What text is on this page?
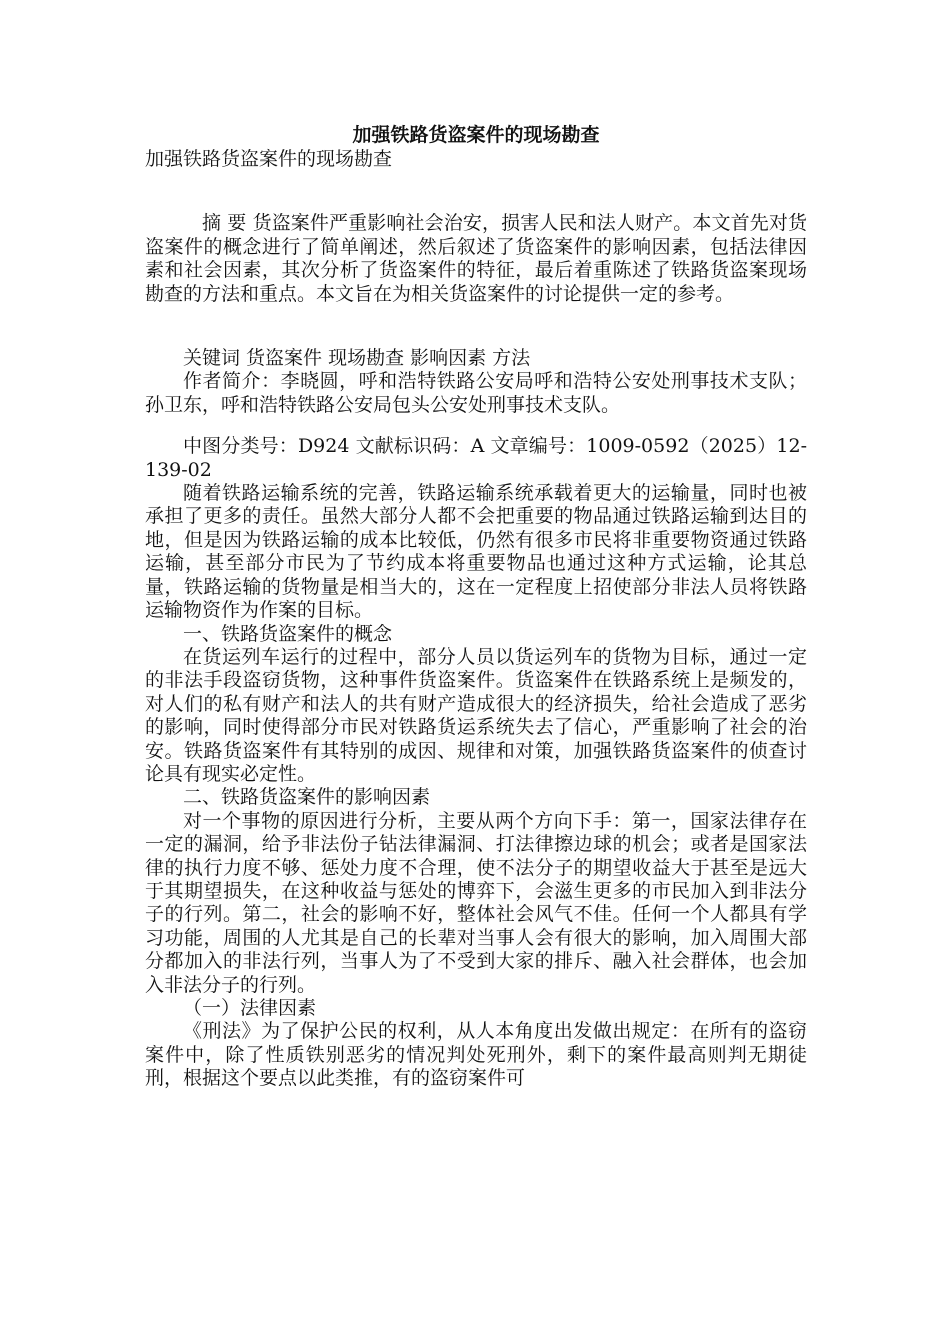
加强铁路货盗案件的现场勘查

加强铁路货盗案件的现场勘查

摘 要 货盗案件严重影响社会治安，损害人民和法人财产。本文首先对货盗案件的概念进行了简单阐述，然后叙述了货盗案件的影响因素，包括法律因素和社会因素，其次分析了货盗案件的特征，最后着重陈述了铁路货盗案现场勘查的方法和重点。本文旨在为相关货盗案件的讨论提供一定的参考。

关键词 货盗案件 现场勘查 影响因素 方法

作者简介：李晓圆，呼和浩特铁路公安局呼和浩特公安处刑事技术支队；孙卫东，呼和浩特铁路公安局包头公安处刑事技术支队。

中图分类号：D924 文献标识码：A 文章编号：1009-0592（2025）12-139-02

随着铁路运输系统的完善，铁路运输系统承载着更大的运输量，同时也被承担了更多的责任。虽然大部分人都不会把重要的物品通过铁路运输到达目的地，但是因为铁路运输的成本比较低，仍然有很多市民将非重要物资通过铁路运输，甚至部分市民为了节约成本将重要物品也通过这种方式运输，论其总量，铁路运输的货物量是相当大的，这在一定程度上招使部分非法人员将铁路运输物资作为作案的目标。

一、铁路货盗案件的概念

在货运列车运行的过程中，部分人员以货运列车的货物为目标，通过一定的非法手段盗窃货物，这种事件货盗案件。货盗案件在铁路系统上是频发的，对人们的私有财产和法人的共有财产造成很大的经济损失，给社会造成了恶劣的影响，同时使得部分市民对铁路货运系统失去了信心，严重影响了社会的治安。铁路货盗案件有其特别的成因、规律和对策，加强铁路货盗案件的侦查讨论具有现实必定性。

二、铁路货盗案件的影响因素

对一个事物的原因进行分析，主要从两个方向下手：第一，国家法律存在一定的漏洞，给予非法份子钻法律漏洞、打法律擦边球的机会；或者是国家法律的执行力度不够、惩处力度不合理，使不法分子的期望收益大于甚至是远大于其期望损失，在这种收益与惩处的博弈下，会滋生更多的市民加入到非法分子的行列。第二，社会的影响不好，整体社会风气不佳。任何一个人都具有学习功能，周围的人尤其是自己的长辈对当事人会有很大的影响，加入周围大部分都加入的非法行列，当事人为了不受到大家的排斥、融入社会群体，也会加入非法分子的行列。

（一）法律因素

《刑法》为了保护公民的权利，从人本角度出发做出规定：在所有的盗窃案件中，除了性质铁别恶劣的情况判处死刑外，剩下的案件最高则判无期徒刑，根据这个要点以此类推，有的盗窃案件可
